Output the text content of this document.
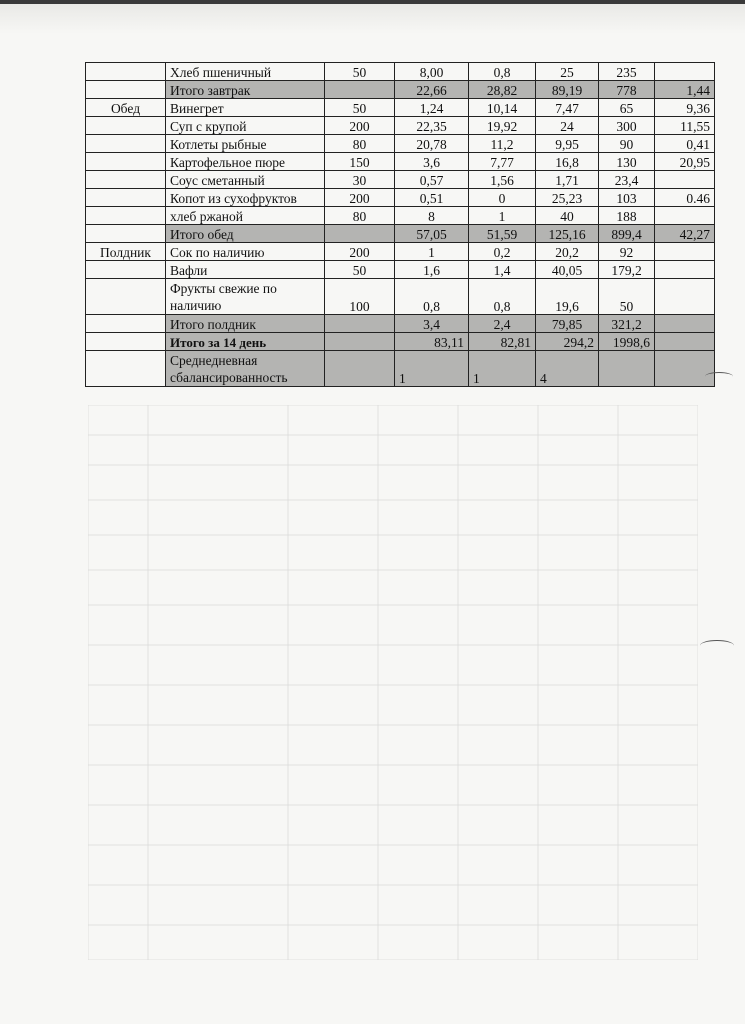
	Хлеб пшеничный	50	8,00	0,8	25	235	
	Итого завтрак		22,66	28,82	89,19	778	1,44
Обед	Винегрет	50	1,24	10,14	7,47	65	9,36
	Суп с крупой	200	22,35	19,92	24	300	11,55
	Котлеты рыбные	80	20,78	11,2	9,95	90	0,41
	Картофельное пюре	150	3,6	7,77	16,8	130	20,95
	Соус сметанный	30	0,57	1,56	1,71	23,4	
	Копот из сухофруктов	200	0,51	0	25,23	103	0.46
	хлеб ржаной	80	8	1	40	188	
	Итого обед		57,05	51,59	125,16	899,4	42,27
Полдник	Сок по наличию	200	1	0,2	20,2	92	
	Вафли	50	1,6	1,4	40,05	179,2	
	Фрукты свежие по наличию	100	0,8	0,8	19,6	50	
	Итого полдник		3,4	2,4	79,85	321,2	
	Итого за 14 день		83,11	82,81	294,2	1998,6	
	Среднедневная сбалансированность		1	1	4		
